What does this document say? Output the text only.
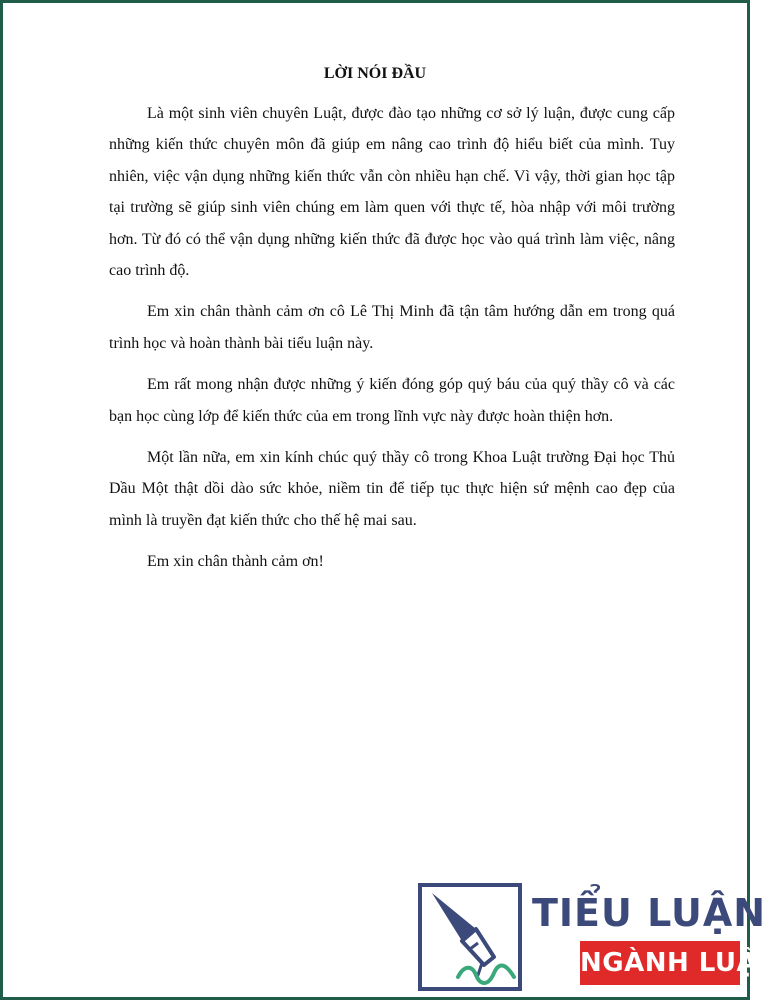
LỜI NÓI ĐẦU

Là một sinh viên chuyên Luật, được đào tạo những cơ sở lý luận, được cung cấp những kiến thức chuyên môn đã giúp em nâng cao trình độ hiểu biết của mình. Tuy nhiên, việc vận dụng những kiến thức vẫn còn nhiều hạn chế. Vì vậy, thời gian học tập tại trường sẽ giúp sinh viên chúng em làm quen với thực tế, hòa nhập với môi trường hơn. Từ đó có thể vận dụng những kiến thức đã được học vào quá trình làm việc, nâng cao trình độ.

Em xin chân thành cảm ơn cô Lê Thị Minh đã tận tâm hướng dẫn em trong quá trình học và hoàn thành bài tiểu luận này.

Em rất mong nhận được những ý kiến đóng góp quý báu của quý thầy cô và các bạn học cùng lớp để kiến thức của em trong lĩnh vực này được hoàn thiện hơn.

Một lần nữa, em xin kính chúc quý thầy cô trong Khoa Luật trường Đại học Thủ Dầu Một thật dồi dào sức khỏe, niềm tin để tiếp tục thực hiện sứ mệnh cao đẹp của mình là truyền đạt kiến thức cho thế hệ mai sau.

Em xin chân thành cảm ơn!

TIỂU LUẬN
NGÀNH LUẬT
